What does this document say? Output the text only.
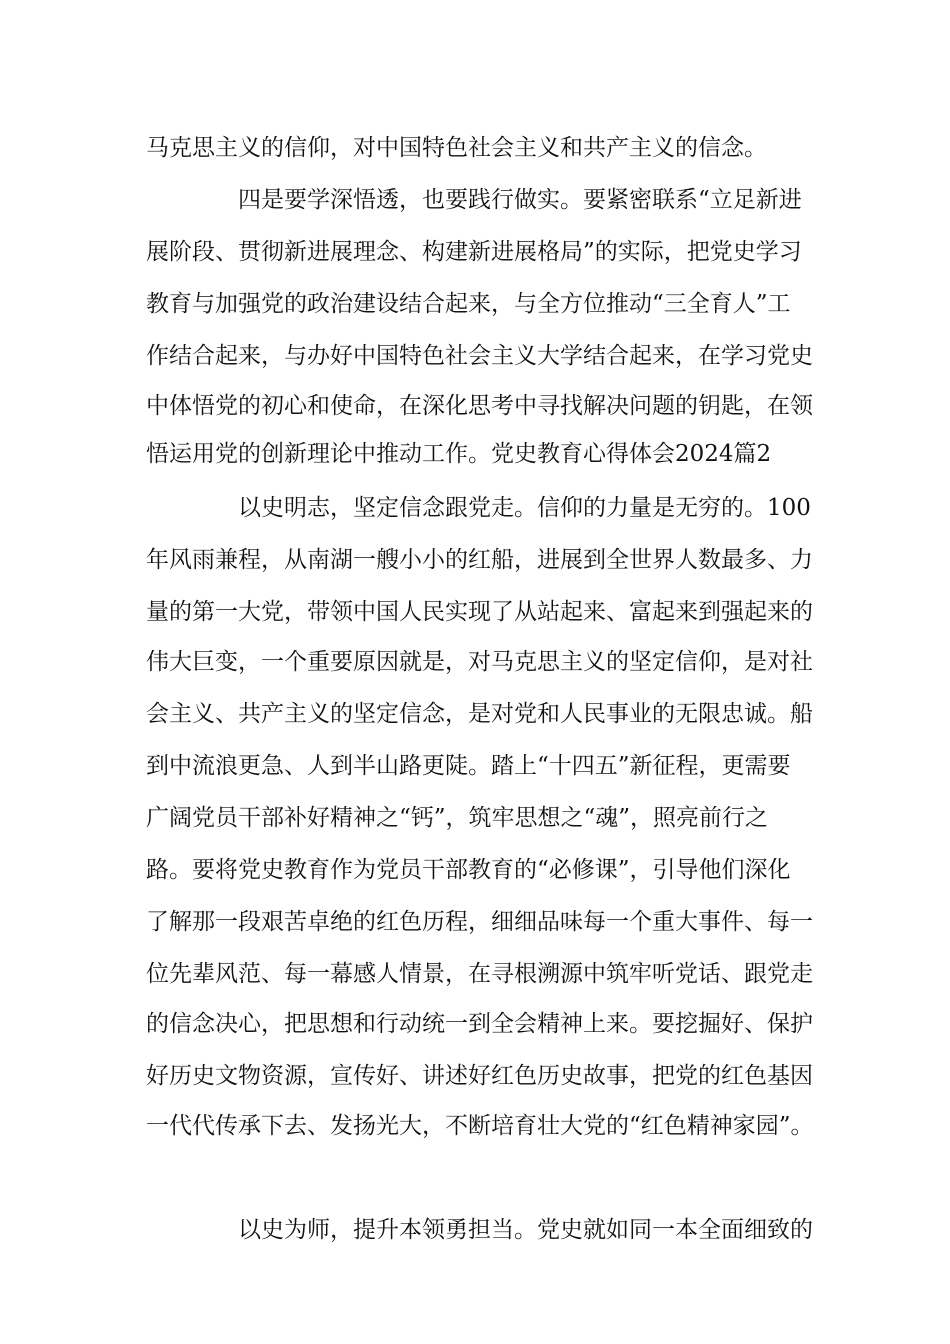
马克思主义的信仰，对中国特色社会主义和共产主义的信念。
四是要学深悟透，也要践行做实。要紧密联系“立足新进
展阶段、贯彻新进展理念、构建新进展格局”的实际，把党史学习
教育与加强党的政治建设结合起来，与全方位推动“三全育人”工
作结合起来，与办好中国特色社会主义大学结合起来，在学习党史
中体悟党的初心和使命，在深化思考中寻找解决问题的钥匙，在领
悟运用党的创新理论中推动工作。党史教育心得体会2024篇2
以史明志，坚定信念跟党走。信仰的力量是无穷的。100
年风雨兼程，从南湖一艘小小的红船，进展到全世界人数最多、力
量的第一大党，带领中国人民实现了从站起来、富起来到强起来的
伟大巨变，一个重要原因就是，对马克思主义的坚定信仰，是对社
会主义、共产主义的坚定信念，是对党和人民事业的无限忠诚。船
到中流浪更急、人到半山路更陡。踏上“十四五”新征程，更需要
广阔党员干部补好精神之“钙”，筑牢思想之“魂”，照亮前行之
路。要将党史教育作为党员干部教育的“必修课”，引导他们深化
了解那一段艰苦卓绝的红色历程，细细品味每一个重大事件、每一
位先辈风范、每一幕感人情景，在寻根溯源中筑牢听党话、跟党走
的信念决心，把思想和行动统一到全会精神上来。要挖掘好、保护
好历史文物资源，宣传好、讲述好红色历史故事，把党的红色基因
一代代传承下去、发扬光大，不断培育壮大党的“红色精神家园”。
以史为师，提升本领勇担当。党史就如同一本全面细致的
